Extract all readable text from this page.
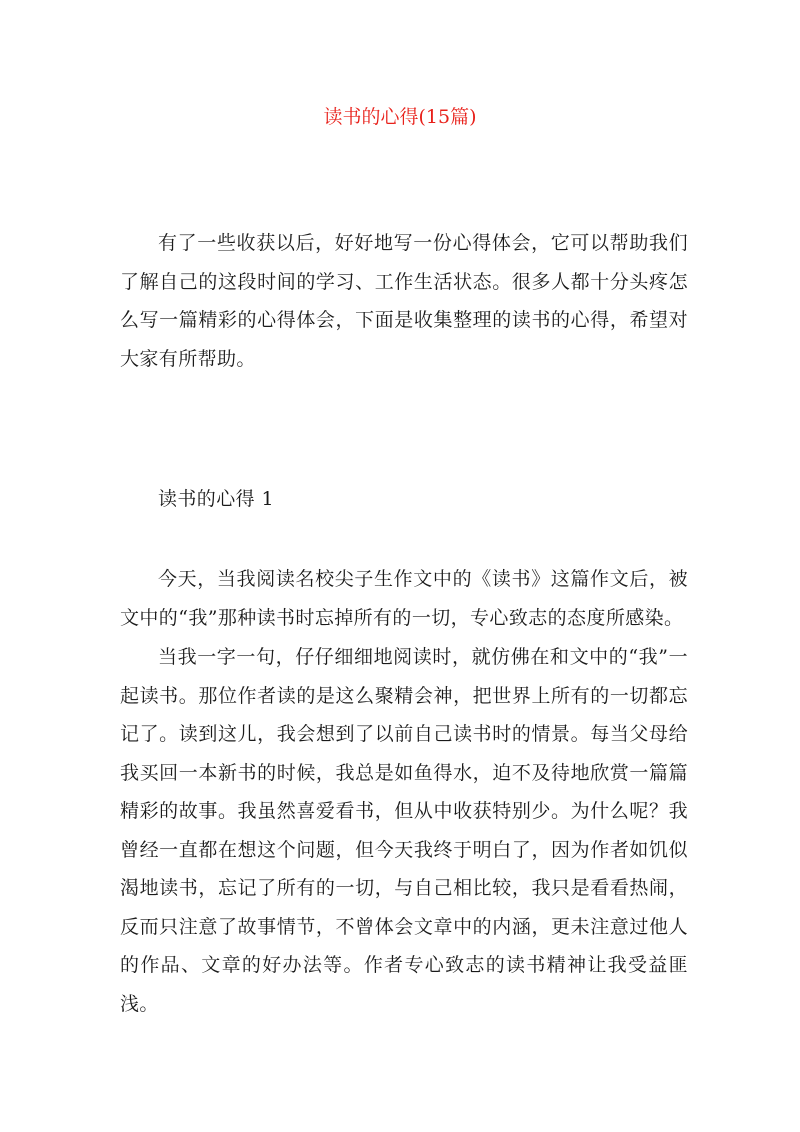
读书的心得(15篇)

有了一些收获以后，好好地写一份心得体会，它可以帮助我们了解自己的这段时间的学习、工作生活状态。很多人都十分头疼怎么写一篇精彩的心得体会，下面是收集整理的读书的心得，希望对大家有所帮助。

读书的心得 1

今天，当我阅读名校尖子生作文中的《读书》这篇作文后，被文中的“我”那种读书时忘掉所有的一切，专心致志的态度所感染。

当我一字一句，仔仔细细地阅读时，就仿佛在和文中的“我”一起读书。那位作者读的是这么聚精会神，把世界上所有的一切都忘记了。读到这儿，我会想到了以前自己读书时的情景。每当父母给我买回一本新书的时候，我总是如鱼得水，迫不及待地欣赏一篇篇精彩的故事。我虽然喜爱看书，但从中收获特别少。为什么呢？我曾经一直都在想这个问题，但今天我终于明白了，因为作者如饥似渴地读书，忘记了所有的一切，与自己相比较，我只是看看热闹，反而只注意了故事情节，不曾体会文章中的内涵，更未注意过他人的作品、文章的好办法等。作者专心致志的读书精神让我受益匪浅。
